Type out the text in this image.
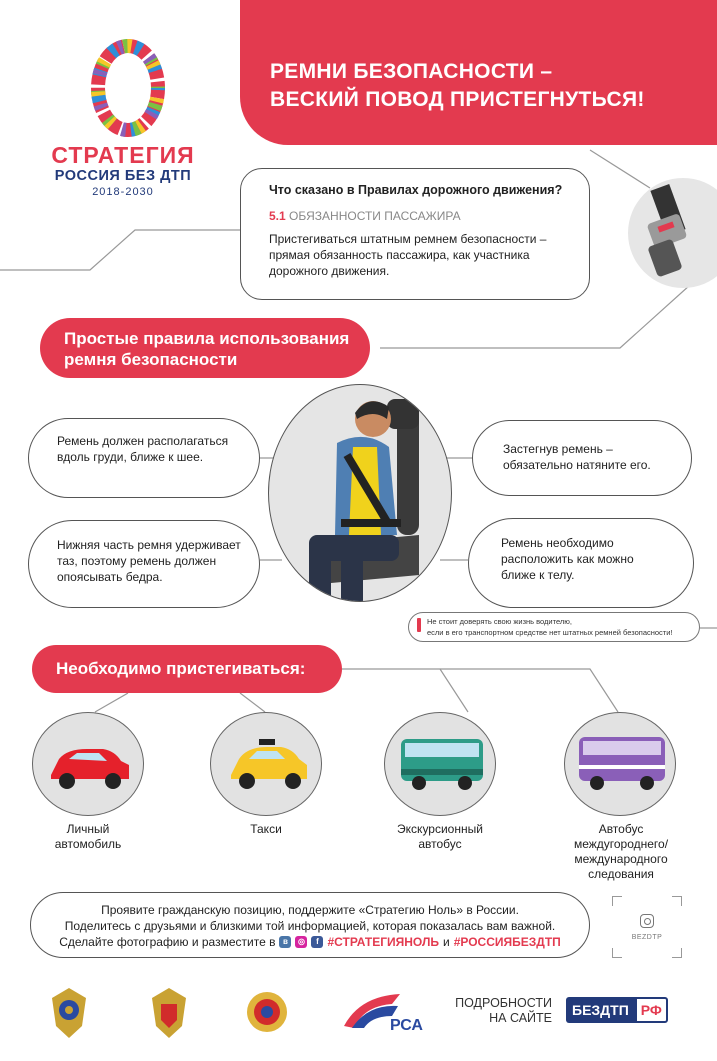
РЕМНИ БЕЗОПАСНОСТИ –
ВЕСКИЙ ПОВОД ПРИСТЕГНУТЬСЯ!
СТРАТЕГИЯ
РОССИЯ БЕЗ ДТП
2018-2030	Что сказано в Правилах дорожного движения?
5.1 ОБЯЗАННОСТИ ПАССАЖИРА
Пристегиваться штатным ремнем безопасности – прямая обязанность пассажира, как участника дорожного движения.
Простые правила использования
ремня безопасности
Ремень должен располагаться вдоль груди, ближе к шее.
Нижняя часть ремня удерживает таз, поэтому ремень должен опоясывать бедра.
Застегнув ремень – обязательно натяните его.
Ремень необходимо расположить как можно ближе к телу.
Не стоит доверять свою жизнь водителю,
если в его транспортном средстве нет штатных ремней безопасности!
Необходимо пристегиваться:
Личный
автомобиль
Такси	Экскурсионный
автобус
Автобус
междугороднего/
международного
следования
Проявите гражданскую позицию, поддержите «Стратегию Ноль» в России.
Поделитесь с друзьями и близкими той информацией, которая показалась вам важной.
Сделайте фотографию и разместите в в	◎	f #СТРАТЕГИЯНОЛЬ и #РОССИЯБЕЗДТП	BEZDTP
РСА
ПОДРОБНОСТИ
НА САЙТЕ	БЕЗДТП РФ
